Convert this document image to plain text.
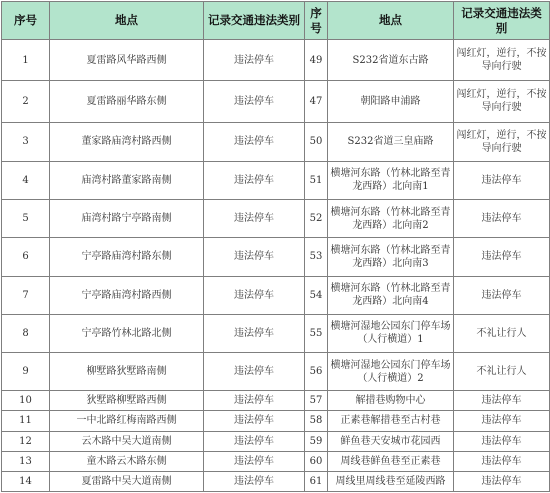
序号	地点	记录交通违法类别	序号	地点	记录交通违法类别
1	夏雷路风华路西侧	违法停车	49	S232省道东古路	闯红灯，逆行，不按导向行驶
2	夏雷路丽华路东侧	违法停车	47	朝阳路申浦路	闯红灯，逆行，不按导向行驶
3	董家路庙湾村路西侧	违法停车	50	S232省道三皇庙路	闯红灯，逆行，不按导向行驶
4	庙湾村路董家路南侧	违法停车	51	横塘河东路（竹林北路至青龙西路）北向南1	违法停车
5	庙湾村路宁亭路南侧	违法停车	52	横塘河东路（竹林北路至青龙西路）北向南2	违法停车
6	宁亭路庙湾村路东侧	违法停车	53	横塘河东路（竹林北路至青龙西路）北向南3	违法停车
7	宁亭路庙湾村路西侧	违法停车	54	横塘河东路（竹林北路至青龙西路）北向南4	违法停车
8	宁亭路竹林北路北侧	违法停车	55	横塘河湿地公园东门停车场（人行横道）1	不礼让行人
9	柳墅路狄墅路南侧	违法停车	56	横塘河湿地公园东门停车场（人行横道）2	不礼让行人
10	狄墅路柳墅路西侧	违法停车	57	解措巷购物中心	违法停车
11	一中北路红梅南路西侧	违法停车	58	正素巷解措巷至古村巷	违法停车
12	云木路中吴大道南侧	违法停车	59	鲜鱼巷天安城市花园西	违法停车
13	童木路云木路东侧	违法停车	60	周线巷鲜鱼巷至正素巷	违法停车
14	夏雷路中吴大道南侧	违法停车	61	周线里周线巷至延陵西路	违法停车
